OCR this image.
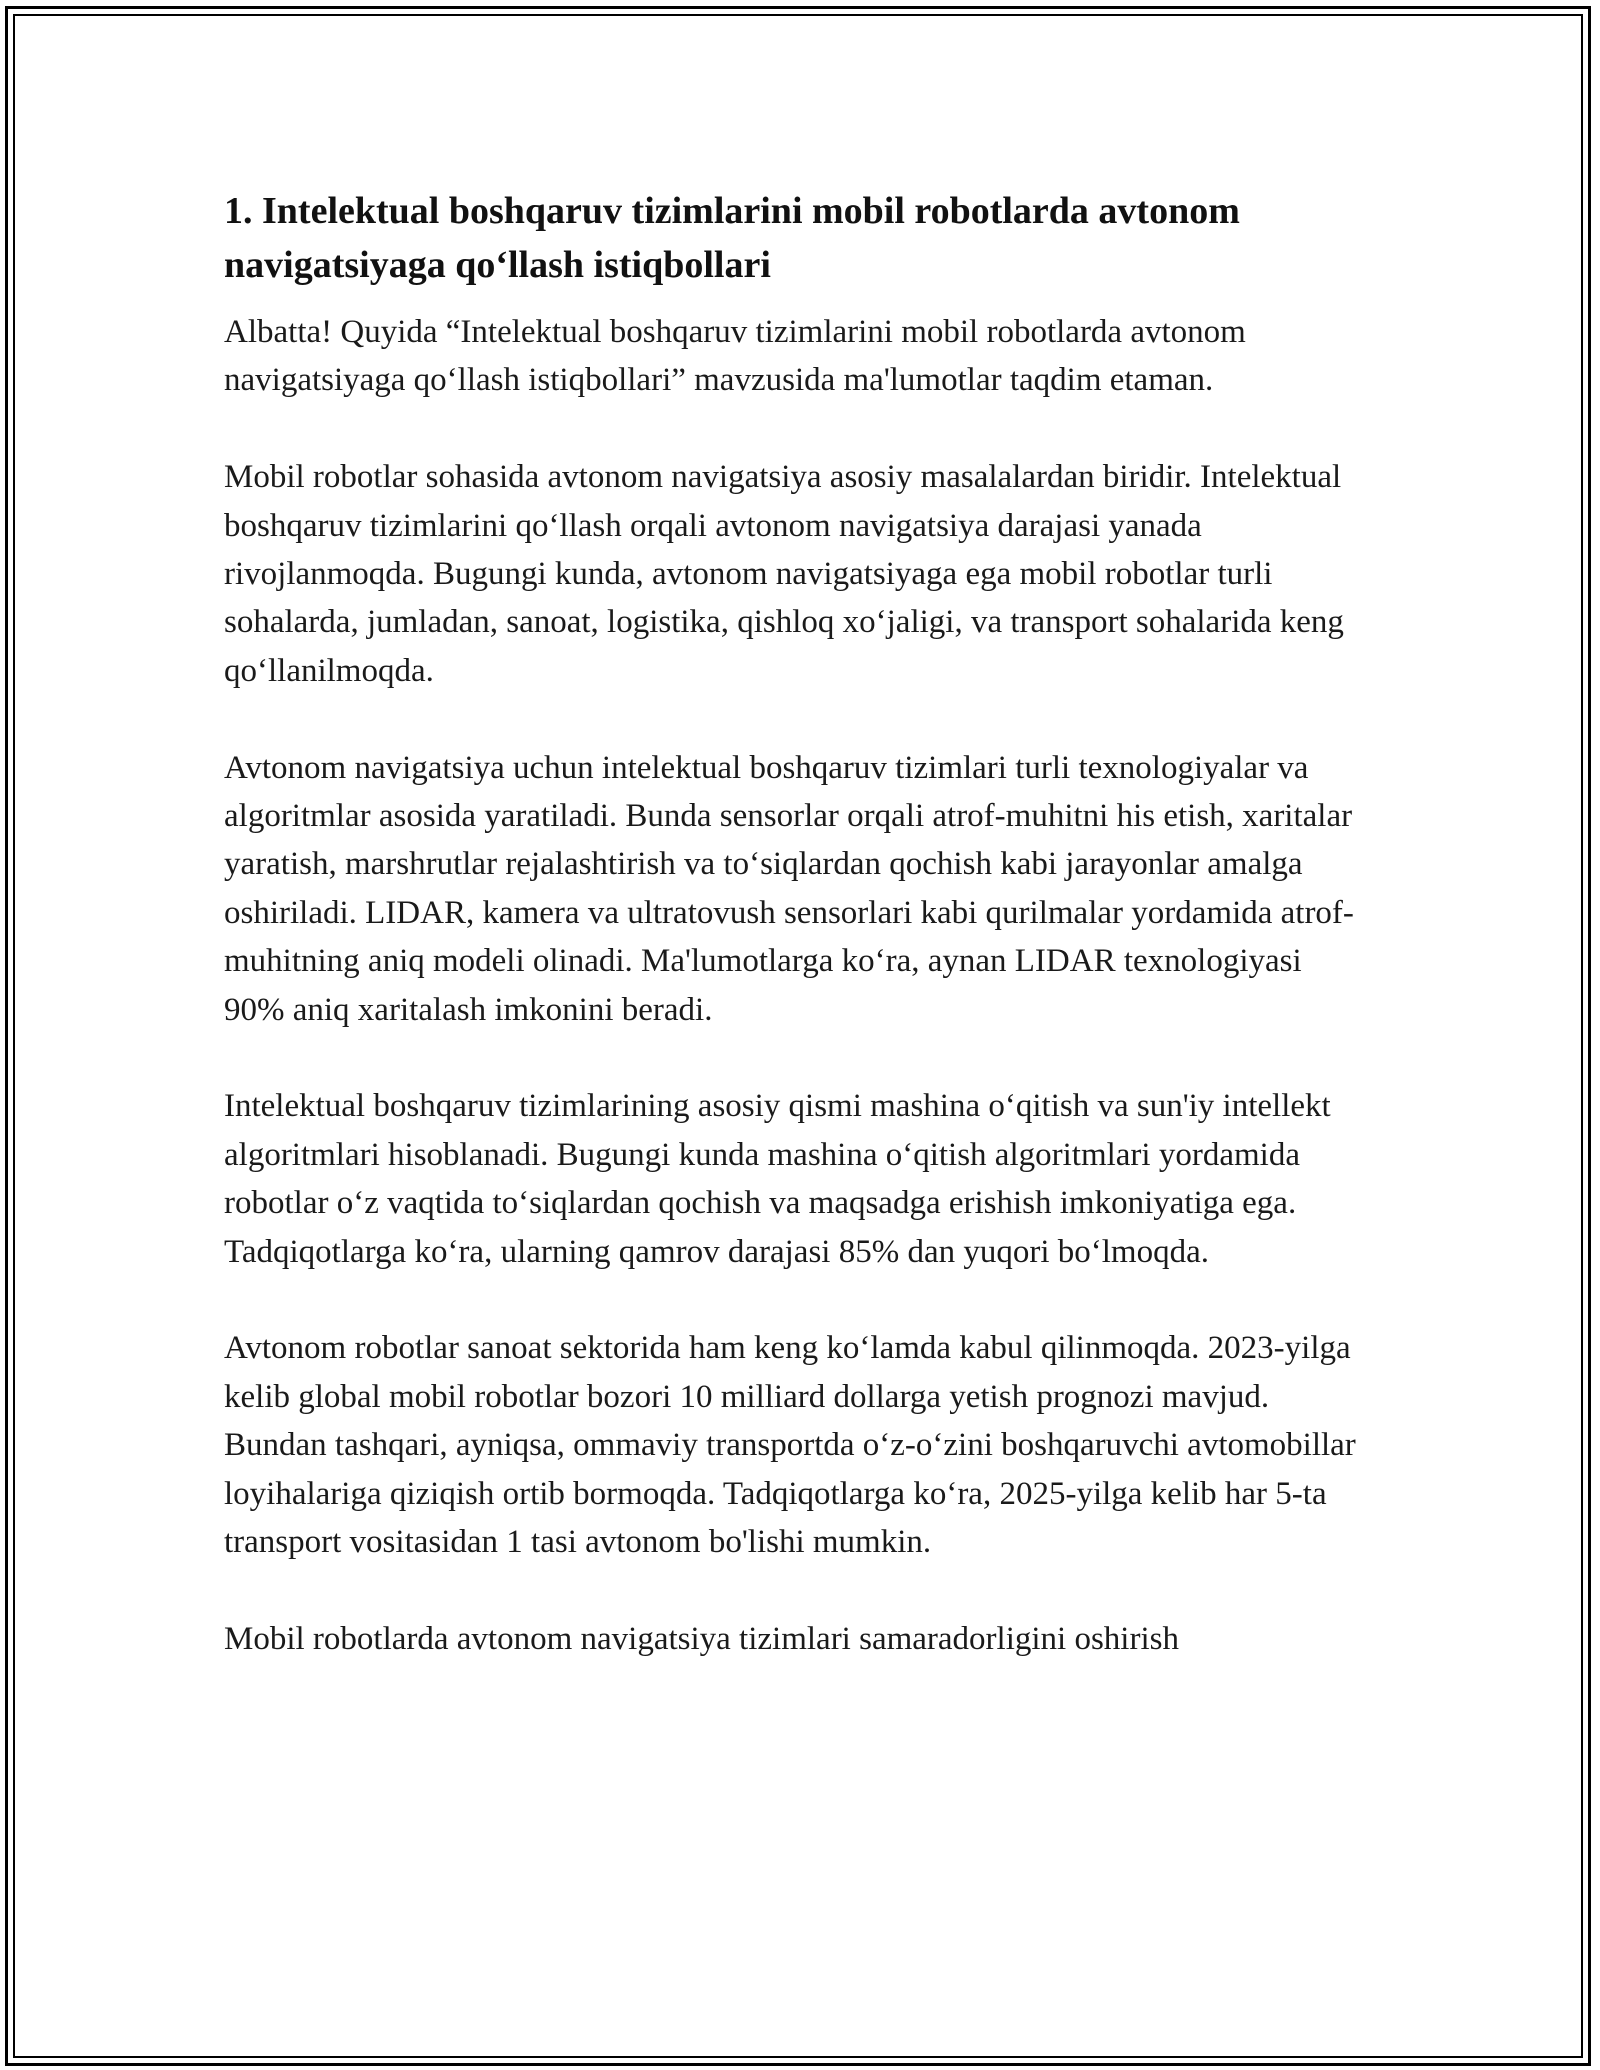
1. Intelektual boshqaruv tizimlarini mobil robotlarda avtonom navigatsiyaga qo‘llash istiqbollari

Albatta! Quyida “Intelektual boshqaruv tizimlarini mobil robotlarda avtonom navigatsiyaga qo‘llash istiqbollari” mavzusida ma'lumotlar taqdim etaman.

Mobil robotlar sohasida avtonom navigatsiya asosiy masalalardan biridir. Intelektual boshqaruv tizimlarini qo‘llash orqali avtonom navigatsiya darajasi yanada rivojlanmoqda. Bugungi kunda, avtonom navigatsiyaga ega mobil robotlar turli sohalarda, jumladan, sanoat, logistika, qishloq xo‘jaligi, va transport sohalarida keng qo‘llanilmoqda.

Avtonom navigatsiya uchun intelektual boshqaruv tizimlari turli texnologiyalar va algoritmlar asosida yaratiladi. Bunda sensorlar orqali atrof-muhitni his etish, xaritalar yaratish, marshrutlar rejalashtirish va to‘siqlardan qochish kabi jarayonlar amalga oshiriladi. LIDAR, kamera va ultratovush sensorlari kabi qurilmalar yordamida atrof-muhitning aniq modeli olinadi. Ma'lumotlarga ko‘ra, aynan LIDAR texnologiyasi 90% aniq xaritalash imkonini beradi.

Intelektual boshqaruv tizimlarining asosiy qismi mashina o‘qitish va sun'iy intellekt algoritmlari hisoblanadi. Bugungi kunda mashina o‘qitish algoritmlari yordamida robotlar o‘z vaqtida to‘siqlardan qochish va maqsadga erishish imkoniyatiga ega. Tadqiqotlarga ko‘ra, ularning qamrov darajasi 85% dan yuqori bo‘lmoqda.

Avtonom robotlar sanoat sektorida ham keng ko‘lamda kabul qilinmoqda. 2023-yilga kelib global mobil robotlar bozori 10 milliard dollarga yetish prognozi mavjud. Bundan tashqari, ayniqsa, ommaviy transportda o‘z-o‘zini boshqaruvchi avtomobillar loyihalariga qiziqish ortib bormoqda. Tadqiqotlarga ko‘ra, 2025-yilga kelib har 5-ta transport vositasidan 1 tasi avtonom bo'lishi mumkin.

Mobil robotlarda avtonom navigatsiya tizimlari samaradorligini oshirish
